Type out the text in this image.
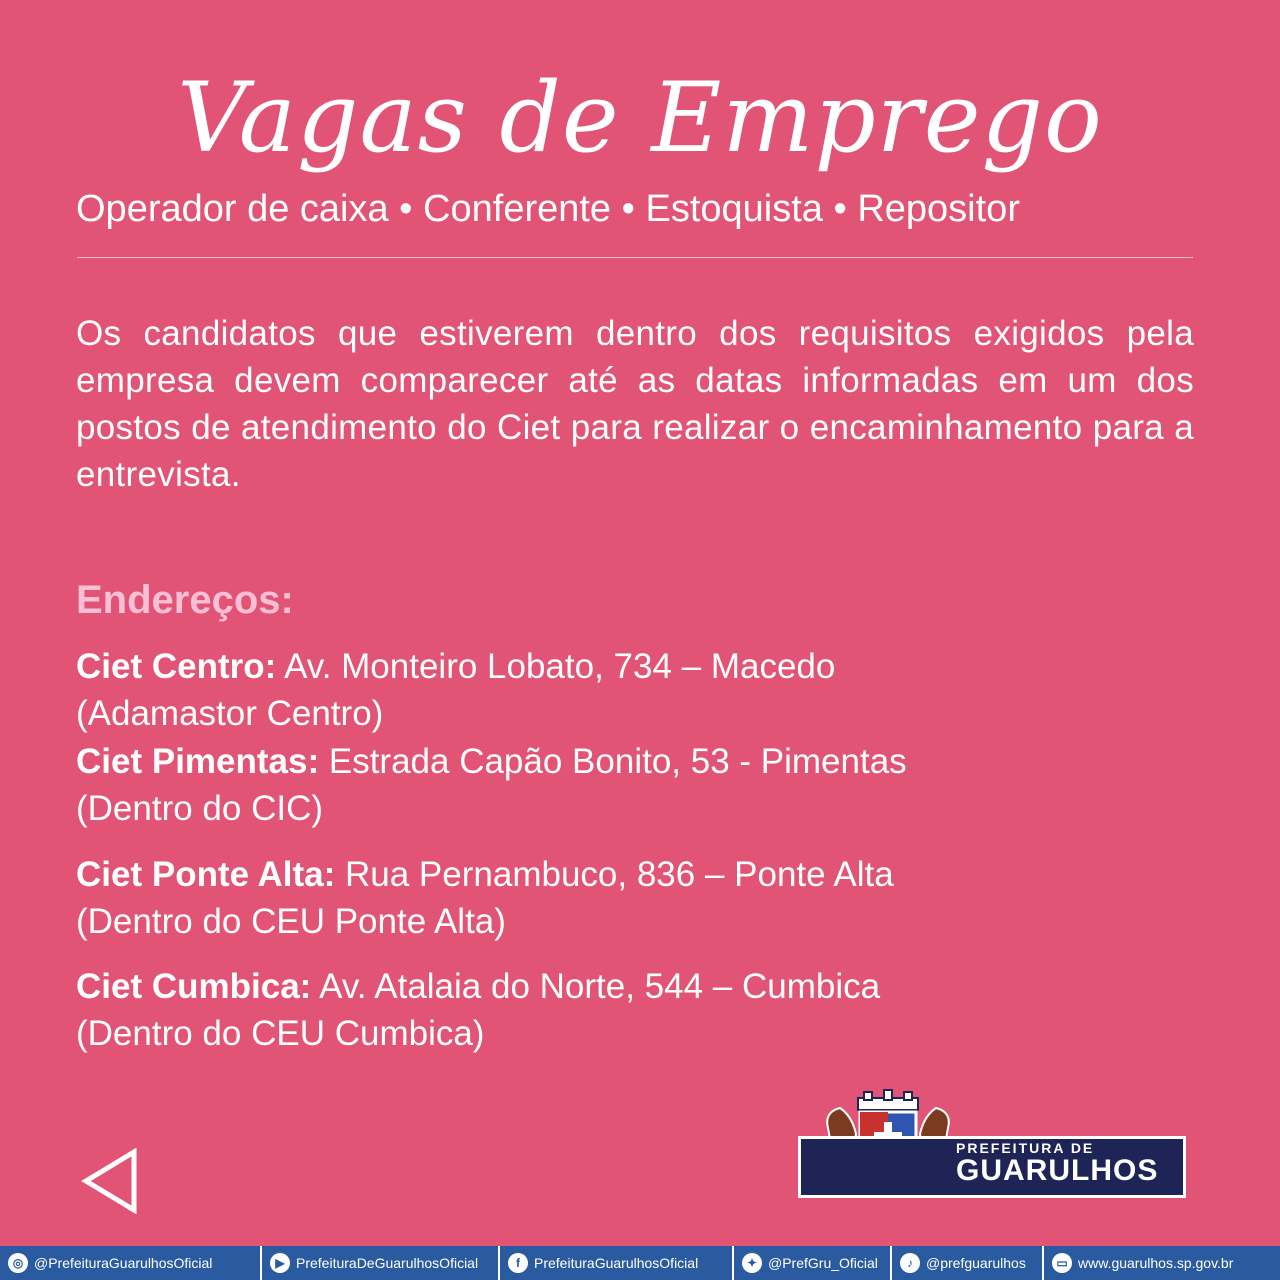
Vagas de Emprego
Operador de caixa • Conferente • Estoquista • Repositor
Os candidatos que estiverem dentro dos requisitos exigidos pela empresa devem comparecer até as datas informadas em um dos postos de atendimento do Ciet para realizar o encaminhamento para a entrevista.
Endereços:
Ciet Centro: Av. Monteiro Lobato, 734 – Macedo
(Adamastor Centro)
Ciet Pimentas: Estrada Capão Bonito, 53 - Pimentas
(Dentro do CIC)
Ciet Ponte Alta: Rua Pernambuco, 836 – Ponte Alta
(Dentro do CEU Ponte Alta)
Ciet Cumbica: Av. Atalaia do Norte, 544 – Cumbica
(Dentro do CEU Cumbica)
PREFEITURA DE
GUARULHOS
◎ @PrefeituraGuarulhosOficial	▶ PrefeituraDeGuarulhosOficial	f	PrefeituraGuarulhosOficial	✦ @PrefGru_Oficial	♪ @prefguarulhos	▭ www.guarulhos.sp.gov.br
